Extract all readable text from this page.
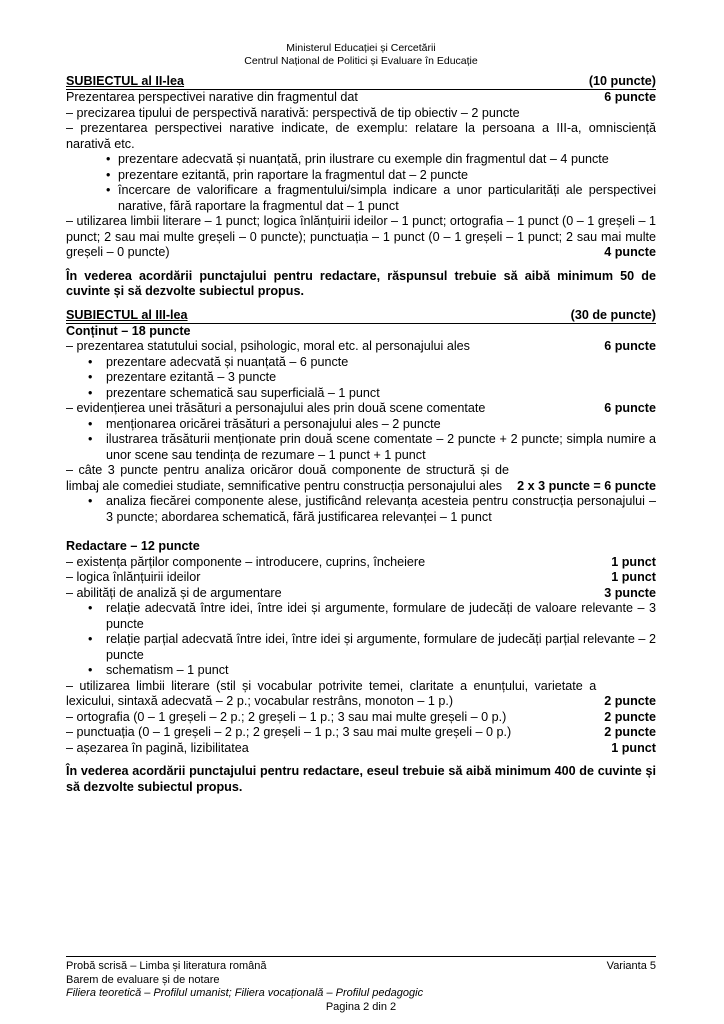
Ministerul Educației și Cercetării
Centrul Național de Politici și Evaluare în Educație
SUBIECTUL al II-lea	(10 puncte)
Prezentarea perspectivei narative din fragmentul dat	6 puncte
– precizarea tipului de perspectivă narativă: perspectivă de tip obiectiv – 2 puncte
– prezentarea perspectivei narative indicate, de exemplu: relatare la persoana a III-a, omnisciență narativă etc.
• prezentare adecvată și nuanțată, prin ilustrare cu exemple din fragmentul dat – 4 puncte
• prezentare ezitantă, prin raportare la fragmentul dat – 2 puncte
• încercare de valorificare a fragmentului/simpla indicare a unor particularități ale perspectivei narative, fără raportare la fragmentul dat – 1 punct
– utilizarea limbii literare – 1 punct; logica înlănțuirii ideilor – 1 punct; ortografia – 1 punct (0 – 1 greșeli – 1 punct; 2 sau mai multe greșeli – 0 puncte); punctuația – 1 punct (0 – 1 greșeli – 1 punct; 2 sau mai multe greșeli – 0 puncte)	4 puncte
În vederea acordării punctajului pentru redactare, răspunsul trebuie să aibă minimum 50 de cuvinte și să dezvolte subiectul propus.
SUBIECTUL al III-lea	(30 de puncte)
Conținut – 18 puncte
– prezentarea statutului social, psihologic, moral etc. al personajului ales	6 puncte
• prezentare adecvată și nuanțată – 6 puncte
• prezentare ezitantă – 3 puncte
• prezentare schematică sau superficială – 1 punct
– evidențierea unei trăsături a personajului ales prin două scene comentate	6 puncte
• menționarea oricărei trăsături a personajului ales – 2 puncte
• ilustrarea trăsăturii menționate prin două scene comentate – 2 puncte + 2 puncte; simpla numire a unor scene sau tendința de rezumare – 1 punct + 1 punct
– câte 3 puncte pentru analiza oricăror două componente de structură și de limbaj ale comediei studiate, semnificative pentru construcția personajului ales	2 x 3 puncte = 6 puncte
• analiza fiecărei componente alese, justificând relevanța acesteia pentru construcția personajului – 3 puncte; abordarea schematică, fără justificarea relevanței – 1 punct
Redactare – 12 puncte
– existența părților componente – introducere, cuprins, încheiere	1 punct
– logica înlănțuirii ideilor	1 punct
– abilități de analiză și de argumentare	3 puncte
• relație adecvată între idei, între idei și argumente, formulare de judecăți de valoare relevante – 3 puncte
• relație parțial adecvată între idei, între idei și argumente, formulare de judecăți parțial relevante – 2 puncte
• schematism – 1 punct
– utilizarea limbii literare (stil și vocabular potrivite temei, claritate a enunțului, varietate a lexicului, sintaxă adecvată – 2 p.; vocabular restrâns, monoton – 1 p.)	2 puncte
– ortografia (0 – 1 greșeli – 2 p.; 2 greșeli – 1 p.; 3 sau mai multe greșeli – 0 p.)	2 puncte
– punctuația (0 – 1 greșeli – 2 p.; 2 greșeli – 1 p.; 3 sau mai multe greșeli – 0 p.)	2 puncte
– așezarea în pagină, lizibilitatea	1 punct
În vederea acordării punctajului pentru redactare, eseul trebuie să aibă minimum 400 de cuvinte și să dezvolte subiectul propus.
Probă scrisă – Limba și literatura română	Varianta 5
Barem de evaluare și de notare
Filiera teoretică – Profilul umanist; Filiera vocațională – Profilul pedagogic
Pagina 2 din 2
